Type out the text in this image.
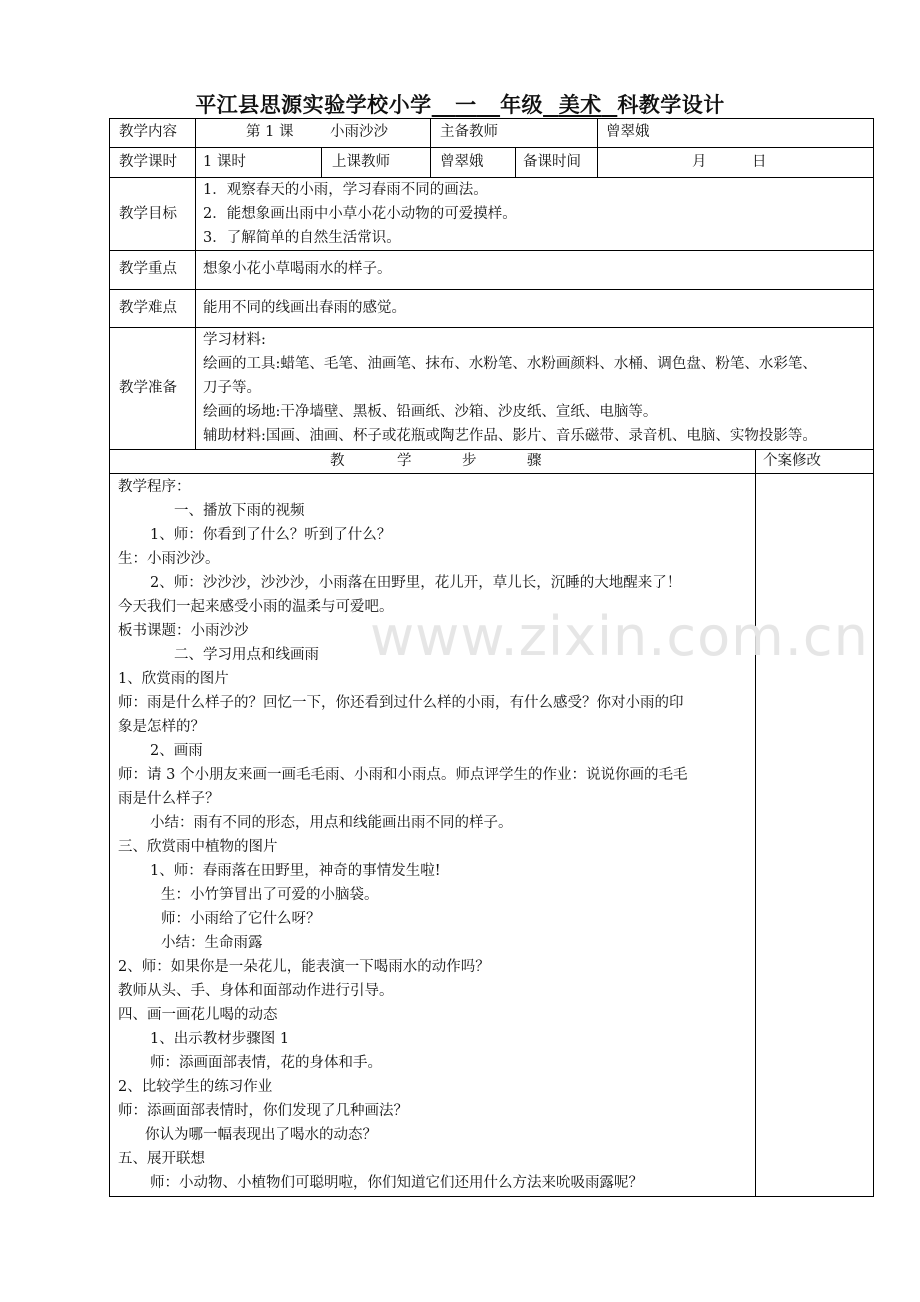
平江县思源实验学校小学 一 年级 美术 科教学设计
教学内容	第 1 课	小雨沙沙	主备教师	曾翠娥
教学课时 1 课时	上课教师	曾翠娥	备课时间	月	日
教学目标
1．观察春天的小雨，学习春雨不同的画法。
2．能想象画出雨中小草小花小动物的可爱摸样。
3．了解简单的自然生活常识。
教学重点 想象小花小草喝雨水的样子。
教学难点 能用不同的线画出春雨的感觉。
教学准备
学习材料:
绘画的工具:蜡笔、毛笔、油画笔、抹布、水粉笔、水粉画颜料、水桶、调色盘、粉笔、水彩笔、
刀子等。
绘画的场地:干净墙壁、黑板、铅画纸、沙箱、沙皮纸、宣纸、电脑等。
辅助材料:国画、油画、杯子或花瓶或陶艺作品、影片、音乐磁带、录音机、电脑、实物投影等。
教	学	步	骤	个案修改
教学程序：
一、播放下雨的视频
1、师：你看到了什么？听到了什么？
生：小雨沙沙。
2、师：沙沙沙，沙沙沙，小雨落在田野里，花儿开，草儿长，沉睡的大地醒来了！
今天我们一起来感受小雨的温柔与可爱吧。
板书课题：小雨沙沙
二、学习用点和线画雨
1、欣赏雨的图片
师：雨是什么样子的？回忆一下，你还看到过什么样的小雨，有什么感受？你对小雨的印
象是怎样的？
2、画雨
师：请 3 个小朋友来画一画毛毛雨、小雨和小雨点。师点评学生的作业：说说你画的毛毛
雨是什么样子？
小结：雨有不同的形态，用点和线能画出雨不同的样子。
三、欣赏雨中植物的图片
1、师：春雨落在田野里，神奇的事情发生啦!
生：小竹笋冒出了可爱的小脑袋。
师：小雨给了它什么呀？
小结：生命雨露
2、师：如果你是一朵花儿，能表演一下喝雨水的动作吗？
教师从头、手、身体和面部动作进行引导。
四、画一画花儿喝的动态
1、出示教材步骤图 1
师：添画面部表情，花的身体和手。
2、比较学生的练习作业
师：添画面部表情时，你们发现了几种画法？
你认为哪一幅表现出了喝水的动态？
五、展开联想
师：小动物、小植物们可聪明啦，你们知道它们还用什么方法来吮吸雨露呢？
www.zixin.com.cn
